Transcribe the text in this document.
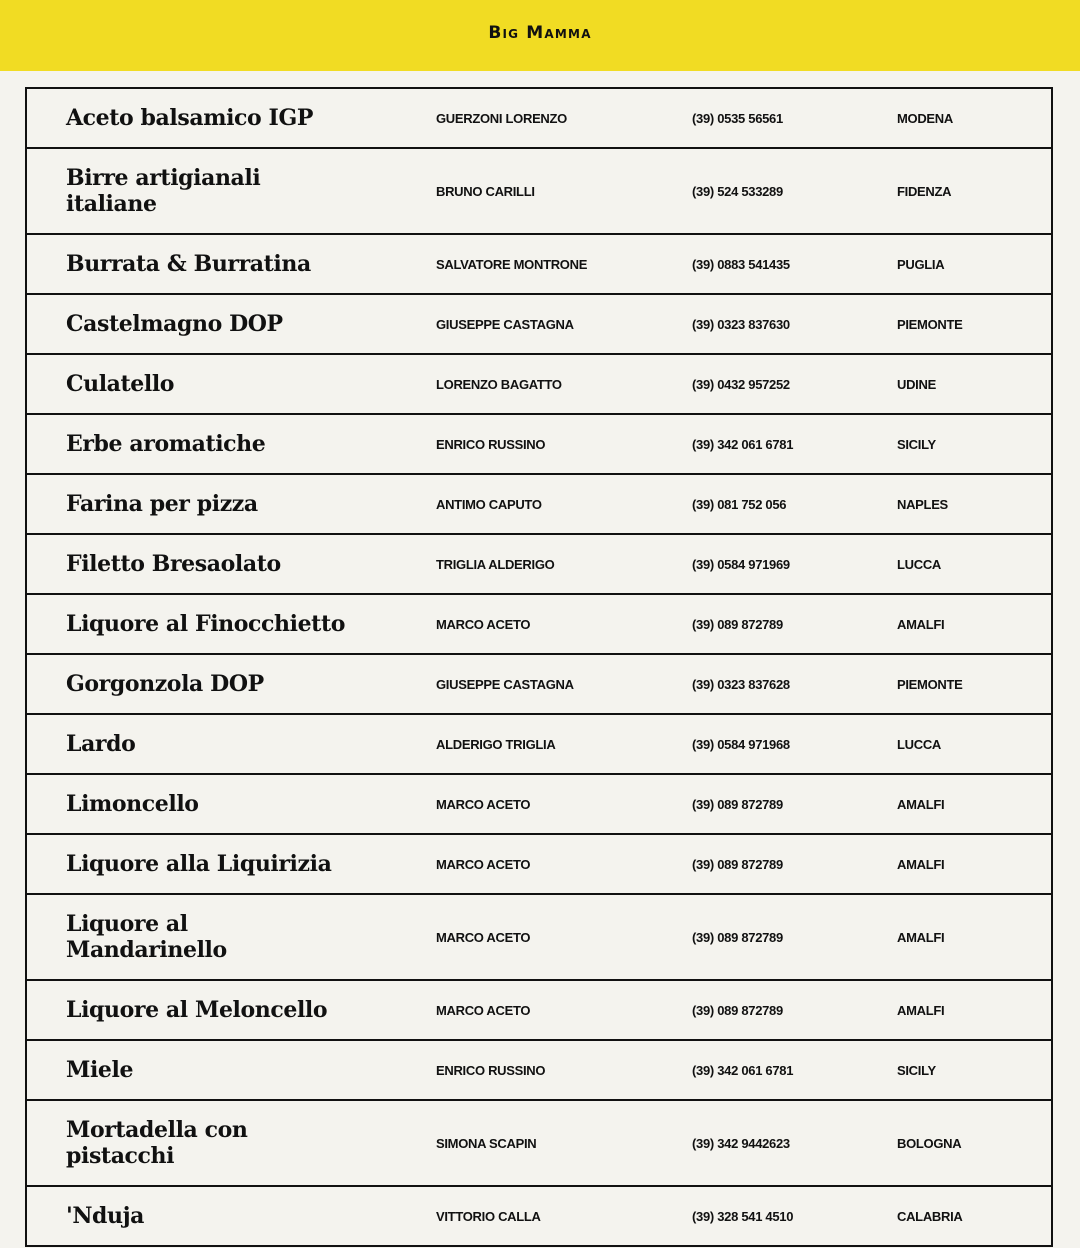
Big Mamma
Aceto balsamico IGP	GUERZONI LORENZO	(39) 0535 56561	MODENA
Birre artigianali italiane	BRUNO CARILLI	(39) 524 533289	FIDENZA
Burrata & Burratina	SALVATORE MONTRONE	(39) 0883 541435	PUGLIA
Castelmagno DOP	GIUSEPPE CASTAGNA	(39) 0323 837630	PIEMONTE
Culatello	LORENZO BAGATTO	(39) 0432 957252	UDINE
Erbe aromatiche	ENRICO RUSSINO	(39) 342 061 6781	SICILY
Farina per pizza	ANTIMO CAPUTO	(39) 081 752 056	NAPLES
Filetto Bresaolato	TRIGLIA ALDERIGO	(39) 0584 971969	LUCCA
Liquore al Finocchietto	MARCO ACETO	(39) 089 872789	AMALFI
Gorgonzola DOP	GIUSEPPE CASTAGNA	(39) 0323 837628	PIEMONTE
Lardo	ALDERIGO TRIGLIA	(39) 0584 971968	LUCCA
Limoncello	MARCO ACETO	(39) 089 872789	AMALFI
Liquore alla Liquirizia	MARCO ACETO	(39) 089 872789	AMALFI
Liquore al Mandarinello	MARCO ACETO	(39) 089 872789	AMALFI
Liquore al Meloncello	MARCO ACETO	(39) 089 872789	AMALFI
Miele	ENRICO RUSSINO	(39) 342 061 6781	SICILY
Mortadella con pistacchi	SIMONA SCAPIN	(39) 342 9442623	BOLOGNA
'Nduja	VITTORIO CALLA	(39) 328 541 4510	CALABRIA
